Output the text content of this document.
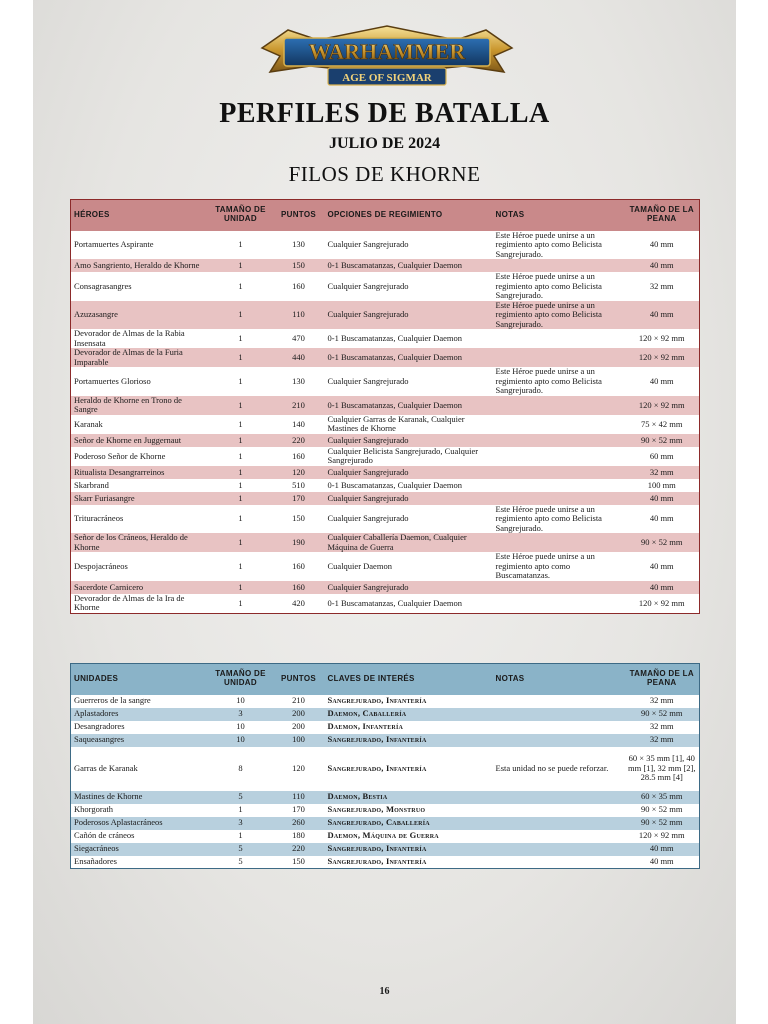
WARHAMMER
AGE OF SIGMAR
PERFILES DE BATALLA
JULIO DE 2024
FILOS DE KHORNE
HÉROES	TAMAÑO DE UNIDAD	PUNTOS	OPCIONES DE REGIMIENTO	NOTAS	TAMAÑO DE LA PEANA
Portamuertes Aspirante	1	130	Cualquier Sangrejurado	Este Héroe puede unirse a un regimiento apto como Belicista Sangrejurado.	40 mm
Amo Sangriento, Heraldo de Khorne	1	150	0-1 Buscamatanzas, Cualquier Daemon		40 mm
Consagrasangres	1	160	Cualquier Sangrejurado	Este Héroe puede unirse a un regimiento apto como Belicista Sangrejurado.	32 mm
Azuzasangre	1	110	Cualquier Sangrejurado	Este Héroe puede unirse a un regimiento apto como Belicista Sangrejurado.	40 mm
Devorador de Almas de la Rabia Insensata	1	470	0-1 Buscamatanzas, Cualquier Daemon		120 × 92 mm
Devorador de Almas de la Furia Imparable	1	440	0-1 Buscamatanzas, Cualquier Daemon		120 × 92 mm
Portamuertes Glorioso	1	130	Cualquier Sangrejurado	Este Héroe puede unirse a un regimiento apto como Belicista Sangrejurado.	40 mm
Heraldo de Khorne en Trono de Sangre	1	210	0-1 Buscamatanzas, Cualquier Daemon		120 × 92 mm
Karanak	1	140	Cualquier Garras de Karanak, Cualquier Mastines de Khorne		75 × 42 mm
Señor de Khorne en Juggernaut	1	220	Cualquier Sangrejurado		90 × 52 mm
Poderoso Señor de Khorne	1	160	Cualquier Belicista Sangrejurado, Cualquier Sangrejurado		60 mm
Ritualista Desangrarreinos	1	120	Cualquier Sangrejurado		32 mm
Skarbrand	1	510	0-1 Buscamatanzas, Cualquier Daemon		100 mm
Skarr Furiasangre	1	170	Cualquier Sangrejurado		40 mm
Trituracráneos	1	150	Cualquier Sangrejurado	Este Héroe puede unirse a un regimiento apto como Belicista Sangrejurado.	40 mm
Señor de los Cráneos, Heraldo de Khorne	1	190	Cualquier Caballería Daemon, Cualquier Máquina de Guerra		90 × 52 mm
Despojacráneos	1	160	Cualquier Daemon	Este Héroe puede unirse a un regimiento apto como Buscamatanzas.	40 mm
Sacerdote Carnicero	1	160	Cualquier Sangrejurado		40 mm
Devorador de Almas de la Ira de Khorne	1	420	0-1 Buscamatanzas, Cualquier Daemon		120 × 92 mm
UNIDADES	TAMAÑO DE UNIDAD	PUNTOS	CLAVES DE INTERÉS	NOTAS	TAMAÑO DE LA PEANA
Guerreros de la sangre	10	210	Sangrejurado, Infantería		32 mm
Aplastadores	3	200	Daemon, Caballería		90 × 52 mm
Desangradores	10	200	Daemon, Infantería		32 mm
Saqueasangres	10	100	Sangrejurado, Infantería		32 mm
Garras de Karanak	8	120	Sangrejurado, Infantería	Esta unidad no se puede reforzar.	60 × 35 mm [1], 40 mm [1], 32 mm [2], 28.5 mm [4]
Mastines de Khorne	5	110	Daemon, Bestia		60 × 35 mm
Khorgorath	1	170	Sangrejurado, Monstruo		90 × 52 mm
Poderosos Aplastacráneos	3	260	Sangrejurado, Caballería		90 × 52 mm
Cañón de cráneos	1	180	Daemon, Máquina de Guerra		120 × 92 mm
Siegacráneos	5	220	Sangrejurado, Infantería		40 mm
Ensañadores	5	150	Sangrejurado, Infantería		40 mm
16
